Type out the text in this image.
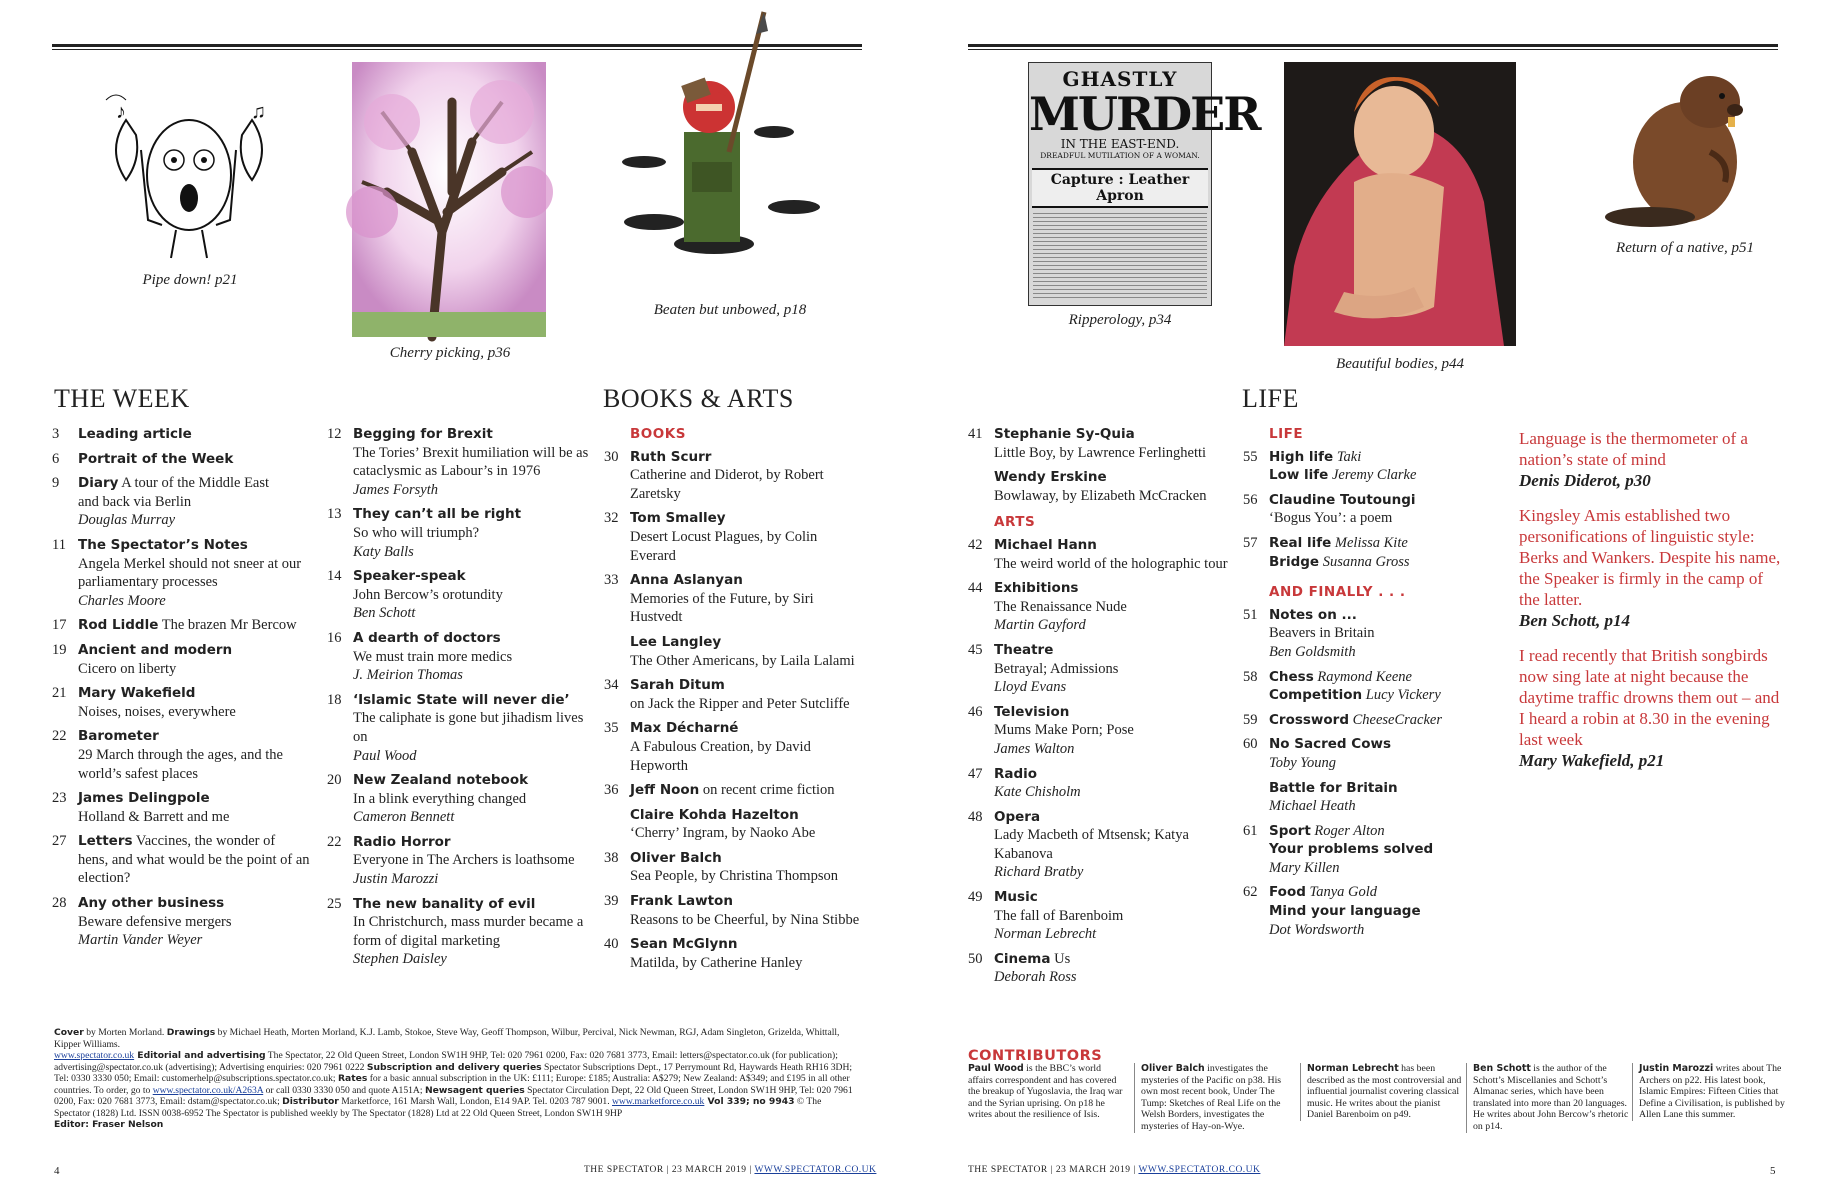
♪	♫
Pipe down! p21
Cherry picking, p36
Beaten but unbowed, p18
GHASTLY
MURDER
IN THE EAST-END.
DREADFUL MUTILATION OF A WOMAN.
Capture : Leather Apron
Ripperology, p34
Beautiful bodies, p44
Return of a native, p51
THE WEEK	BOOKS & ARTS	LIFE
3 Leading article
6 Portrait of the Week
9 Diary A tour of the Middle East
and back via Berlin
Douglas Murray
11 The Spectator’s Notes
Angela Merkel should not sneer at our parliamentary processes
Charles Moore
17 Rod Liddle The brazen Mr Bercow
19 Ancient and modern
Cicero on liberty
21 Mary Wakefield
Noises, noises, everywhere
22 Barometer
29 March through the ages, and the world’s safest places
23 James Delingpole
Holland & Barrett and me
27 Letters Vaccines, the wonder of
hens, and what would be the point of an election?
28 Any other business
Beware defensive mergers
Martin Vander Weyer
12 Begging for Brexit
The Tories’ Brexit humiliation will be as cataclysmic as Labour’s in 1976
James Forsyth
13 They can’t all be right
So who will triumph?
Katy Balls
14 Speaker-speak
John Bercow’s orotundity
Ben Schott
16 A dearth of doctors
We must train more medics
J. Meirion Thomas
18 ‘Islamic State will never die’
The caliphate is gone but jihadism lives on
Paul Wood
20 New Zealand notebook
In a blink everything changed
Cameron Bennett
22 Radio Horror
Everyone in The Archers is loathsome
Justin Marozzi
25 The new banality of evil
In Christchurch, mass murder became a form of digital marketing
Stephen Daisley
BOOKS
30 Ruth Scurr
Catherine and Diderot, by Robert Zaretsky
32 Tom Smalley
Desert Locust Plagues, by Colin Everard
33 Anna Aslanyan
Memories of the Future, by Siri Hustvedt
Lee Langley
The Other Americans, by Laila Lalami
34 Sarah Ditum
on Jack the Ripper and Peter Sutcliffe
35 Max Décharné
A Fabulous Creation, by David Hepworth
36 Jeff Noon on recent crime fiction
Claire Kohda Hazelton
‘Cherry’ Ingram, by Naoko Abe
38 Oliver Balch
Sea People, by Christina Thompson
39 Frank Lawton
Reasons to be Cheerful, by Nina Stibbe
40 Sean McGlynn
Matilda, by Catherine Hanley
41 Stephanie Sy-Quia
Little Boy, by Lawrence Ferlinghetti
Wendy Erskine
Bowlaway, by Elizabeth McCracken
ARTS
42 Michael Hann
The weird world of the holographic tour
44 Exhibitions
The Renaissance Nude
Martin Gayford
45 Theatre
Betrayal; Admissions
Lloyd Evans
46 Television
Mums Make Porn; Pose
James Walton
47 Radio
Kate Chisholm
48 Opera
Lady Macbeth of Mtsensk; Katya Kabanova
Richard Bratby
49 Music
The fall of Barenboim
Norman Lebrecht
50 Cinema Us
Deborah Ross
LIFE
55 High life Taki
Low life Jeremy Clarke
56 Claudine Toutoungi
‘Bogus You’: a poem
57 Real life Melissa Kite
Bridge Susanna Gross
AND FINALLY . . .
51 Notes on ...
Beavers in Britain
Ben Goldsmith
58 Chess Raymond Keene
Competition Lucy Vickery
59 Crossword CheeseCracker
60 No Sacred Cows
Toby Young
Battle for Britain
Michael Heath
61 Sport Roger Alton
Your problems solved
Mary Killen
62 Food Tanya Gold
Mind your language
Dot Wordsworth

Language is the thermometer of a nation’s state of mind
Denis Diderot, p30

Kingsley Amis established two personifications of linguistic style: Berks and Wankers. Despite his name, the Speaker is firmly in the camp of the latter.
Ben Schott, p14

I read recently that British songbirds now sing late at night because the daytime traffic drowns them out – and I heard a robin at 8.30 in the evening last week
Mary Wakefield, p21

Cover by Morten Morland. Drawings by Michael Heath, Morten Morland, K.J. Lamb, Stokoe, Steve Way, Geoff Thompson, Wilbur, Percival, Nick Newman, RGJ, Adam Singleton, Grizelda, Whittall, Kipper Williams.
www.spectator.co.uk Editorial and advertising The Spectator, 22 Old Queen Street, London SW1H 9HP, Tel: 020 7961 0200, Fax: 020 7681 3773, Email: letters@spectator.co.uk (for publication); advertising@spectator.co.uk (advertising); Advertising enquiries: 020 7961 0222 Subscription and delivery queries Spectator Subscriptions Dept., 17 Perrymount Rd, Haywards Heath RH16 3DH; Tel: 0330 3330 050; Email: customerhelp@subscriptions.spectator.co.uk; Rates for a basic annual subscription in the UK: £111; Europe: £185; Australia: A$279; New Zealand: A$349; and £195 in all other countries. To order, go to www.spectator.co.uk/A263A or call 0330 3330 050 and quote A151A; Newsagent queries Spectator Circulation Dept, 22 Old Queen Street, London SW1H 9HP, Tel: 020 7961 0200, Fax: 020 7681 3773, Email: dstam@spectator.co.uk; Distributor Marketforce, 161 Marsh Wall, London, E14 9AP. Tel. 0203 787 9001. www.marketforce.co.uk Vol 339; no 9943 © The Spectator (1828) Ltd. ISSN 0038-6952 The Spectator is published weekly by The Spectator (1828) Ltd at 22 Old Queen Street, London SW1H 9HP
Editor: Fraser Nelson
CONTRIBUTORS
Paul Wood is the BBC’s world affairs correspondent and has covered the breakup of Yugoslavia, the Iraq war and the Syrian uprising. On p18 he writes about the resilience of Isis.
Oliver Balch investigates the mysteries of the Pacific on p38. His own most recent book, Under The Tump: Sketches of Real Life on the Welsh Borders, investigates the mysteries of Hay-on-Wye.
Norman Lebrecht has been described as the most controversial and influential journalist covering classical music. He writes about the pianist Daniel Barenboim on p49.
Ben Schott is the author of the Schott’s Miscellanies and Schott’s Almanac series, which have been translated into more than 20 languages. He writes about John Bercow’s rhetoric on p14.
Justin Marozzi writes about The Archers on p22. His latest book, Islamic Empires: Fifteen Cities that Define a Civilisation, is published by Allen Lane this summer.
4	THE SPECTATOR | 23 MARCH 2019 | WWW.SPECTATOR.CO.UK	THE SPECTATOR | 23 MARCH 2019 | WWW.SPECTATOR.CO.UK	5
